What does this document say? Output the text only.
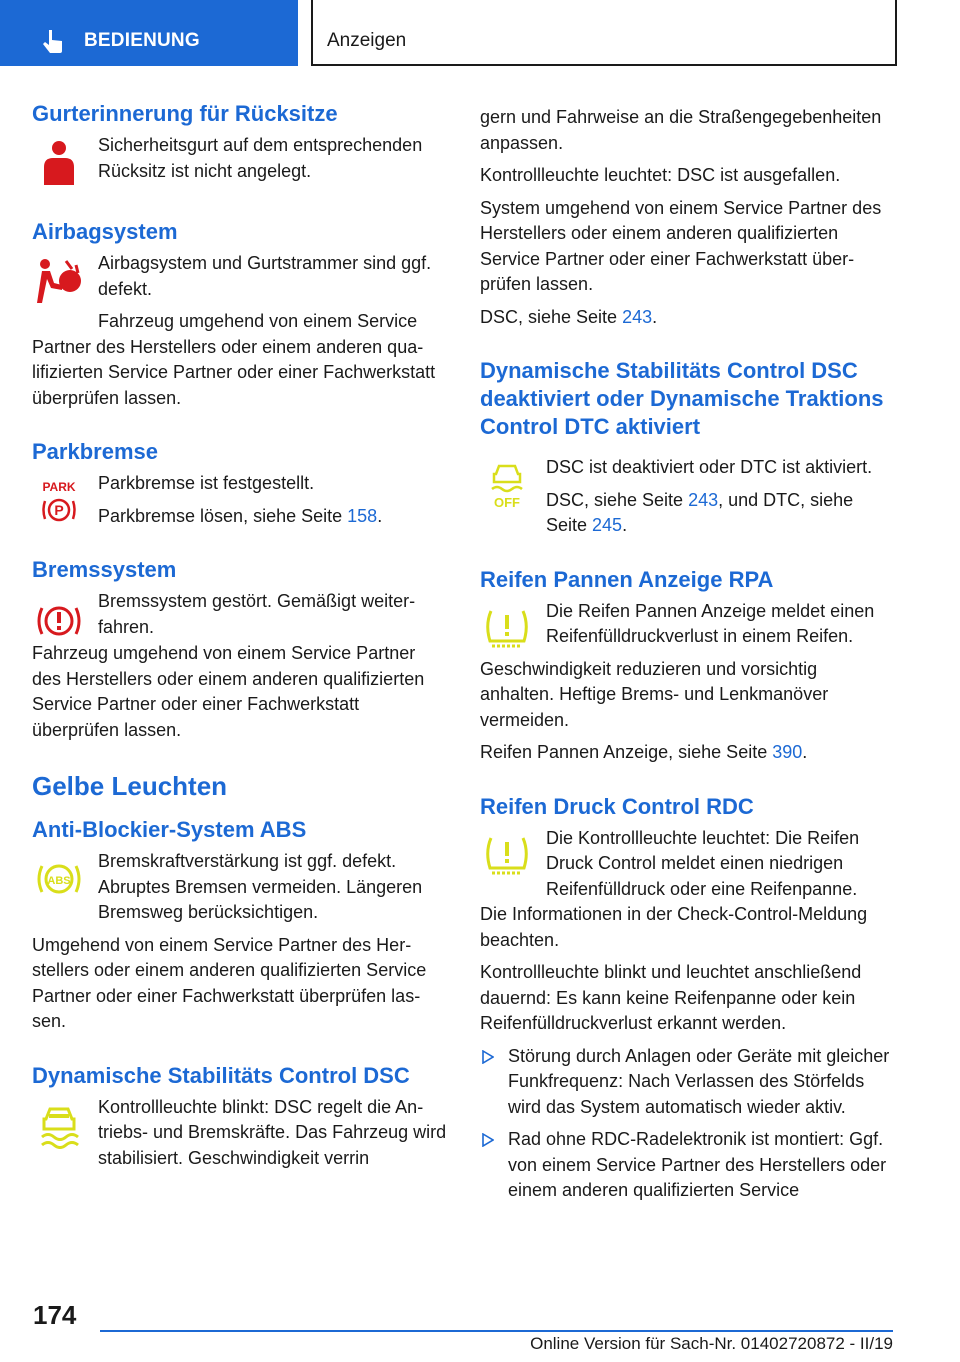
BEDIENUNG	Anzeigen
Gurterinnerung für Rücksitze

Sicherheitsgurt auf dem entsprechenden Rücksitz ist nicht angelegt.

Airbagsystem

Airbagsystem und Gurtstrammer sind ggf. defekt.

Fahrzeug umgehend von einem Service Partner des Herstellers oder einem anderen qualifizierten Service Partner oder einer Fachwerkstatt überprüfen lassen.

Parkbremse
PARK
P

Parkbremse ist festgestellt.

Parkbremse lösen, siehe Seite 158.

Bremssystem

Bremssystem gestört. Gemäßigt weiterfahren.

Fahrzeug umgehend von einem Service Partner des Herstellers oder einem anderen qualifizierten Service Partner oder einer Fachwerkstatt überprüfen lassen.

Gelbe Leuchten
Anti-Blockier-System ABS
ABS

Bremskraftverstärkung ist ggf. defekt. Abruptes Bremsen vermeiden. Längeren Bremsweg berücksichtigen.

Umgehend von einem Service Partner des Herstellers oder einem anderen qualifizierten Service Partner oder einer Fachwerkstatt überprüfen lassen.

Dynamische Stabilitäts Control DSC

Kontrollleuchte blinkt: DSC regelt die Antriebs- und Bremskräfte. Das Fahrzeug wird stabilisiert. Geschwindigkeit verrin

gern und Fahrweise an die Straßengegebenheiten anpassen.

Kontrollleuchte leuchtet: DSC ist ausgefallen.

System umgehend von einem Service Partner des Herstellers oder einem anderen qualifizierten Service Partner oder einer Fachwerkstatt überprüfen lassen.

DSC, siehe Seite 243.

Dynamische Stabilitäts Control DSC deaktiviert oder Dynamische Traktions Control DTC aktiviert
OFF

DSC ist deaktiviert oder DTC ist aktiviert.

DSC, siehe Seite 243, und DTC, siehe Seite 245.

Reifen Pannen Anzeige RPA

Die Reifen Pannen Anzeige meldet einen Reifenfülldruckverlust in einem Reifen.

Geschwindigkeit reduzieren und vorsichtig anhalten. Heftige Brems- und Lenkmanöver vermeiden.

Reifen Pannen Anzeige, siehe Seite 390.

Reifen Druck Control RDC

Die Kontrollleuchte leuchtet: Die Reifen Druck Control meldet einen niedrigen Reifenfülldruck oder eine Reifenpanne.

Die Informationen in der Check-Control-Meldung beachten.

Kontrollleuchte blinkt und leuchtet anschließend dauernd: Es kann keine Reifenpanne oder kein Reifenfülldruckverlust erkannt werden.

Störung durch Anlagen oder Geräte mit gleicher Funkfrequenz: Nach Verlassen des Störfelds wird das System automatisch wieder aktiv.
Rad ohne RDC-Radelektronik ist montiert: Ggf. von einem Service Partner des Herstellers oder einem anderen qualifizierten Service
174
Online Version für Sach-Nr. 01402720872 - II/19
